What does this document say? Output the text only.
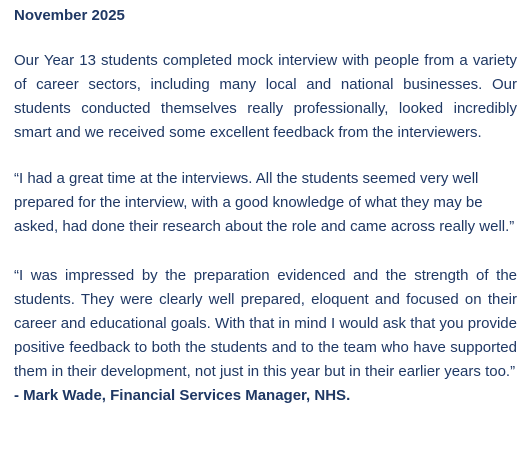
November 2025

Our Year 13 students completed mock interview with people from a variety of career sectors, including many local and national businesses. Our students conducted themselves really professionally, looked incredibly smart and we received some excellent feedback from the interviewers.

“I had a great time at the interviews. All the students seemed very well prepared for the interview, with a good knowledge of what they may be asked, had done their research about the role and came across really well.”

“I was impressed by the preparation evidenced and the strength of the students. They were clearly well prepared, eloquent and focused on their career and educational goals. With that in mind I would ask that you provide positive feedback to both the students and to the team who have supported them in their development, not just in this year but in their earlier years too.”

- Mark Wade, Financial Services Manager, NHS.
